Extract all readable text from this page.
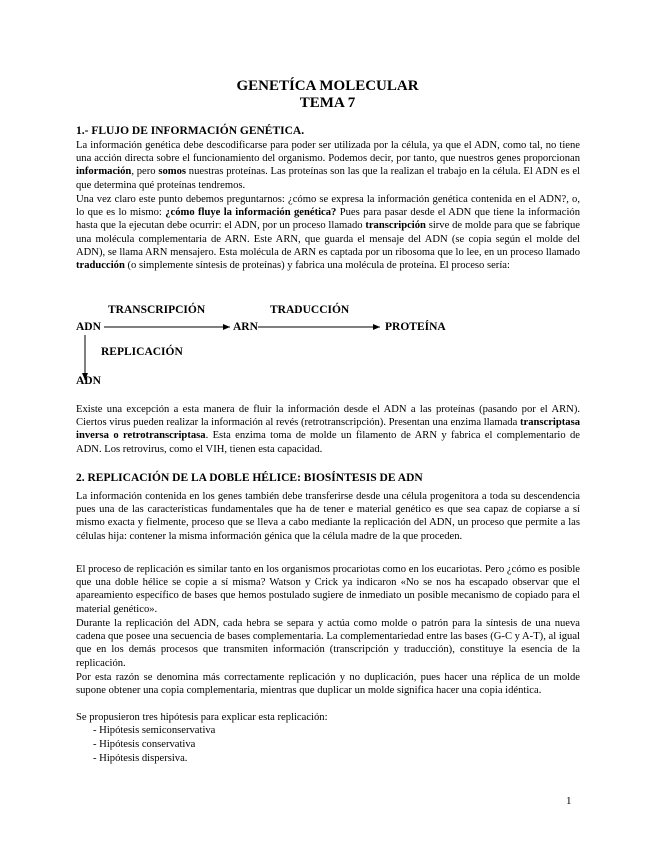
GENETÍCA MOLECULAR
TEMA 7
1.- FLUJO DE INFORMACIÓN GENÉTICA.
La información genética debe descodificarse para poder ser utilizada por la célula, ya que el ADN, como tal, no tiene una acción directa sobre el funcionamiento del organismo. Podemos decir, por tanto, que nuestros genes proporcionan información, pero somos nuestras proteínas. Las proteínas son las que la realizan el trabajo en la célula. El ADN es el que determina qué proteínas tendremos.
Una vez claro este punto debemos preguntarnos: ¿cómo se expresa la información genética contenida en el ADN?, o, lo que es lo mismo: ¿cómo fluye la información genética? Pues para pasar desde el ADN que tiene la información hasta que la ejecutan debe ocurrir: el ADN, por un proceso llamado transcripción sirve de molde para que se fabrique una molécula complementaria de ARN. Este ARN, que guarda el mensaje del ADN (se copia según el molde del ADN), se llama ARN mensajero. Esta molécula de ARN es captada por un ribosoma que lo lee, en un proceso llamado traducción (o simplemente síntesis de proteínas) y fabrica una molécula de proteína. El proceso sería:
TRANSCRIPCIÓN	TRADUCCIÓN
ADN	ARN	PROTEÍNA
REPLICACIÓN
ADN
Existe una excepción a esta manera de fluir la información desde el ADN a las proteínas (pasando por el ARN). Ciertos virus pueden realizar la información al revés (retrotranscripción). Presentan una enzima llamada transcriptasa inversa o retrotranscriptasa. Esta enzima toma de molde un filamento de ARN y fabrica el complementario de ADN. Los retrovirus, como el VIH, tienen esta capacidad.
2. REPLICACIÓN DE LA DOBLE HÉLICE: BIOSÍNTESIS DE ADN
La información contenida en los genes también debe transferirse desde una célula progenitora a toda su descendencia pues una de las características fundamentales que ha de tener e material genético es que sea capaz de copiarse a sí mismo exacta y fielmente, proceso que se lleva a cabo mediante la replicación del ADN, un proceso que permite a las células hija: contener la misma información génica que la célula madre de la que proceden.
El proceso de replicación es similar tanto en los organismos procariotas como en los eucariotas. Pero ¿cómo es posible que una doble hélice se copie a sí misma? Watson y Crick ya indicaron «No se nos ha escapado observar que el apareamiento específico de bases que hemos postulado sugiere de inmediato un posible mecanismo de copiado para el material genético».
Durante la replicación del ADN, cada hebra se separa y actúa como molde o patrón para la síntesis de una nueva cadena que posee una secuencia de bases complementaria. La complementariedad entre las bases (G-C y A-T), al igual que en los demás procesos que transmiten información (transcripción y traducción), constituye la esencia de la replicación.
Por esta razón se denomina más correctamente replicación y no duplicación, pues hacer una réplica de un molde supone obtener una copia complementaria, mientras que duplicar un molde significa hacer una copia idéntica.
Se propusieron tres hipótesis para explicar esta replicación:
- Hipótesis semiconservativa
- Hipótesis conservativa
- Hipótesis dispersiva.
1
